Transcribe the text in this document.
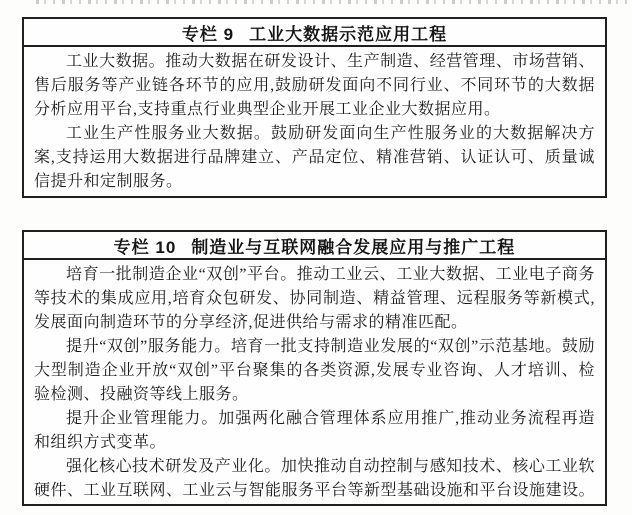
专栏 9 工业大数据示范应用工程

工业大数据。推动大数据在研发设计、生产制造、经营管理、市场营销、售后服务等产业链各环节的应用,鼓励研发面向不同行业、不同环节的大数据分析应用平台,支持重点行业典型企业开展工业企业大数据应用。

工业生产性服务业大数据。鼓励研发面向生产性服务业的大数据解决方案,支持运用大数据进行品牌建立、产品定位、精准营销、认证认可、质量诚信提升和定制服务。

专栏 10 制造业与互联网融合发展应用与推广工程

培育一批制造企业“双创”平台。推动工业云、工业大数据、工业电子商务等技术的集成应用,培育众包研发、协同制造、精益管理、远程服务等新模式,发展面向制造环节的分享经济,促进供给与需求的精准匹配。

提升“双创”服务能力。培育一批支持制造业发展的“双创”示范基地。鼓励大型制造企业开放“双创”平台聚集的各类资源,发展专业咨询、人才培训、检验检测、投融资等线上服务。

提升企业管理能力。加强两化融合管理体系应用推广,推动业务流程再造和组织方式变革。

强化核心技术研发及产业化。加快推动自动控制与感知技术、核心工业软硬件、工业互联网、工业云与智能服务平台等新型基础设施和平台设施建设。
